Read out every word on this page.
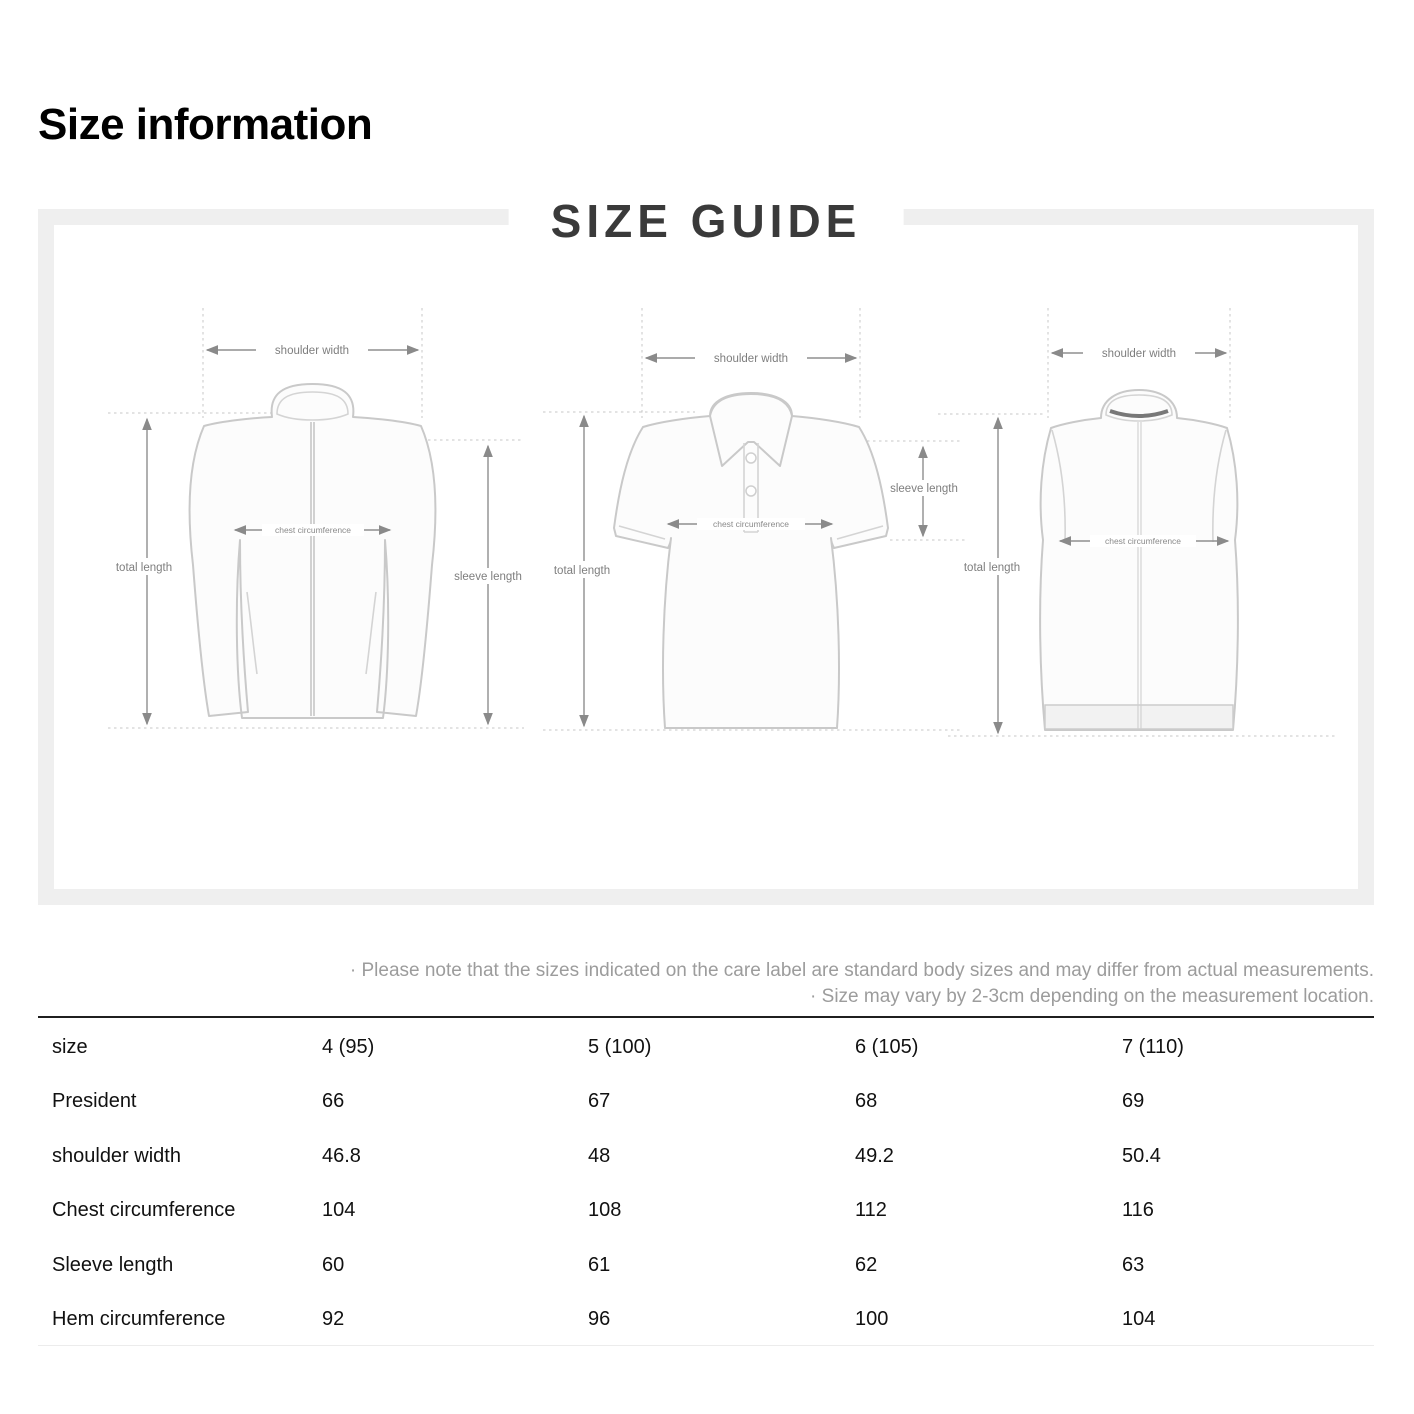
Size information
SIZE GUIDE
shoulder width
total length
chest circumference
sleeve length
shoulder width
total length
chest circumference
sleeve length
shoulder width
total length
chest circumference
· Please note that the sizes indicated on the care label are standard body sizes and may differ from actual measurements.
· Size may vary by 2-3cm depending on the measurement location.
size	4 (95)	5 (100)	6 (105)	7 (110)
President	66	67	68	69
shoulder width	46.8	48	49.2	50.4
Chest circumference	104	108	112	116
Sleeve length	60	61	62	63
Hem circumference	92	96	100	104
